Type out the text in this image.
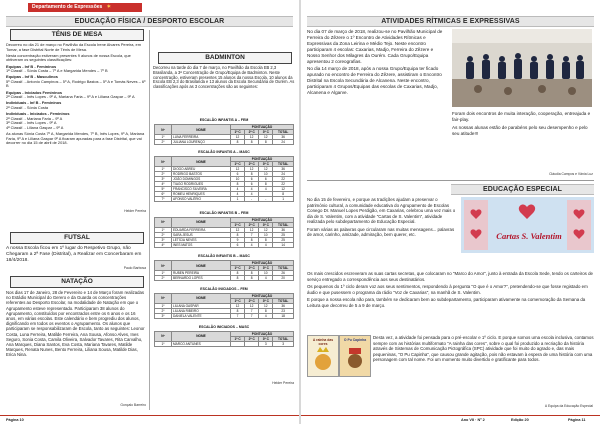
Departamento de Expressões ✶
EDUCAÇÃO FÍSICA / DESPORTO ESCOLAR
TÉNIS DE MESA

Decorreu no dia 21 de março no Pavilhão da Escola Irene Alvares Pereira, em Tomar, a fase Distrital Norte de Ténis de Mesa.

Nesta concentração estiveram presentes 9 alunos de nossa Escola, que obtiveram os seguintes classificações:

Equipas - Inf B - Femininos

1ª Classif. - Sónia Costa – 7º A e Margarida Mendes – 7º B

Equipas - Inf B - Masculinos

5º Classif. - Antonio Campinos – 5º A, Rodrigo Bastos – 5º A e Tomás Neves – 6º B

Equipas - Iniciados Femininos

2ª Classif. - Inês Lopes - 9º A, Mariana Faria – 9º A e Liliana Gaspar – 9º A

Individuais - Inf B - Femininos

2ª Classif. - Sónia Costa

Individuais - Iniciados - Femininos
2ª Classif. - Mariana Faria – 9º A
3ª Classif. - Inês Lopes - 9º A

4ª Classif. - Liliana Gaspar – 9º A

As alunas Sónia Costa 7º A, Margarida Mendes, 7º B, Inês Lopes, 9º A, Mariana Faria, 9º A e Liliana Gaspar 9º A ficaram apuradas para a fase Distrital, que vai decorrer no dia 15 de abril de 2018.

Helder Pereira
FUTSAL
A nossa Escola ficou em 1º lugar do Respetivo Grupo, não Chegaram a 2ª Fase (Distrital), a Realizar em Concerbaram em 18/4/2018.
Paulo Barbosa
NATAÇÃO
Nos dias 17 de Janeiro, 28 de Fevereiro e 14 de Março foram realizadas no Estádio Municipal do Gerero e da Guarda os concentrações referentes ao Desporto Escolar, na modalidade de Natação em que o Agrupamento esteve representado. Participaram 38 alunos do Agrupamento, constituídos por encontrados entre os 6 anos e os 16 anos, em várias escolas. Este calendário e bem progrediu dos alunos, dignificando em todos os eventos o Agrupamento. Os alunos que participaram se responsabilizaram de Escola, tanto as seguintes: Leonor Costa, Luna Ferreira, Matilde Ferreira, Ana Sousa, Afonso Alves, Ines Seguro, Sonia Costa, Camila Oliveira, Salvador Tavares, Rita Carvalho, Ana Marques, Diana Santos, Eva Costa, Mariana Tavares, Matilde Marques, Renata Nunes, Bento Ferreira, Liliana Sousa, Matilde Dias, Erica Nina.
Gonçalo Barreiro
BADMINTON
Decorreu na tarde do dia 7 de março, no Pavilhão da Escola EB 2,3 Brasilanda, a 3ª Concentração de Grupo/Equipa de Badminton. Neste concentração, estiveram presentes 15 alunos da nossa Escola, 10 alunos da Escola EB 2,3 do Brasilanda e 13 alunos da Escola Secundária de Ourém. As classificações após as 3 concentrações são as seguintes:
ESCALÃO INFANTIS A – FEM
Nº	NOME	PONTUAÇÃO			
		1ª C	2ª C	3ª C	TOTAL
1º	LUNA FERREIRA	12	12	12	36
2º	JULIANA LOURENÇO	8	8	8	24
ESCALÃO INFANTIS A – MASC
Nº	NOME	PONTUAÇÃO			
		1ª C	2ª C	3ª C	TOTAL
1º	DIOGO ABREU	12	12	12	36
2º	RODRIGO BASTOS	6	8	10	24
3º	JOÃO DOMINGOS	10	6	6	22
4º	TIAGO RODRIGUES	8	6	8	22
5º	FRANCISCO SILVEIRA	4	4	4	12
6º	ROMEU HENRIQUES	4	4		8
7º	AFONSO VALÉRIO	1	-	-	1
ESCALÃO INFANTIS B – FEM
Nº	NOME	PONTUAÇÃO			
		1ª C	2ª C	3ª C	TOTAL
1º	EDUARDA FERREIRA	12	12	12	36
2º	SARA JESUS	8	7	10	25
3º	LETÍCIA NEVES	9	8	8	25
4º	INES MATOS	6	4	4	14
ESCALÃO INFANTIS B – MASC
Nº	NOME	PONTUAÇÃO			
		1ª C	2ª C	3ª C	TOTAL
1º	RUBEN PEREIRA	8	8	10	26
2º	BERNARDO LOPES	8	8	4	20
ESCALÃO INICIADOS – FEM
Nº	NOME	PONTUAÇÃO			
		1ª C	2ª C	3ª C	TOTAL
1º	LILIANA GASPAR	12	12	12	36
2º	LILIANA RIBEIRO	8	7	8	23
3º	DANIELA VALENTE	7	7	4	18
ESCALÃO INICIADOS – MASC
Nº	NOME	PONTUAÇÃO			
		1ª C	2ª C	3ª C	TOTAL
1º	MARCO ANTUNES			3	3
Helder Pereira
Página 10
ATIVIDADES RÍTMICAS E EXPRESSIVAS

No dia 07 de março de 2018, realizou-se no Pavilhão Municipal de Ferreira do Zêzere o 1º Encontro de Atividades Rítmicas e Expressivas da Zona Leirina e Médio Tejo. Neste encontro participaram 4 escolas: Caxarias, Madjo, Ferreira do Zêzere e Nosso Senhor dos Milagres da Ourém. Cada Grupo/Equipa apresentou 2 coreografias.

No dia 14 março de 2018, após a nossa Grupo/Equipa ter ficado apurado no encontro de Ferreira do Zêzere, assistiram o Encontro Distrital na Escola Secundária de Alcanena. Neste encontro, participaram 4 Grupos/Equipas das escolas de Caxarias, Madjo, Alcanena e Algarve.

Foram dois encontros de muita interação, cooperação, entreajuda e fair-play.

As nossas alunas estão de parabéns pelo seu desempenho e pelo seu atitude!!!

Cláudia Campos e Vânia Luz
EDUCAÇÃO ESPECIAL

No dia 15 de fevereiro, e porque as tradições ajudam a preservar o património cultural, a comunidade educativa do Agrupamento de Escolas Conego Dr. Manuel Lopes Perdigão, em Caxarias, celebrou uma vez mais o dia de S. Valentim, com a atividade "Cartas de S. Valentim", atividade realizada pelo subdepartamento de Educação Especial.

Foram várias as palavras que circularam nas muitas mensagens... palavras de amor, carinho, amizade, admiração, bem querer, etc.	Cartas S. Valentim

Os mais crescidos escreveram as suas cartas secretas, que colocaram no "Marco do Amor", junto à entrada da Escola Sede, tendo os carteiros de serviço entregado a correspondência aos seus destinatários.

Os pequenos do 1º ciclo deram voz aos seus sentimentos, respondendo à pergunta "O que é o Amor?", pretendendo-se que fosse registado em áudio e que pusessem o programa da rádio "Voz de Caxarias", na manhã de S. Valentim.

E porque a nossa escola não para, também se dedicaram bem ao subdepartamento, participaram ativamente na comemoração da Semana da Leitura que decorreu de 5 a 9 de março.

A rainha das cores
O Pu Capinha	Desta vez, a atividade foi pensada para o pré-escolar e 1º ciclo. E porque somos uma escola inclusiva, contamos sempre com as histórias multiformato "A rainha das cores", sobre o qual foi produzido a recriação da história através de Sistemas de Comunicação Pictográfica (SPC) atividade que foi muito do agrado e, das mais pequeninas, "O Pu Capinha", que causou grande agitação, pois não estavam à espera de uma história com uma personagem com tal nome. Foi um momento muito divertido e gratificante para todos.
A Equipa da Educação Especial
Ano VII · Nº 2	Edição 20	Página 11
